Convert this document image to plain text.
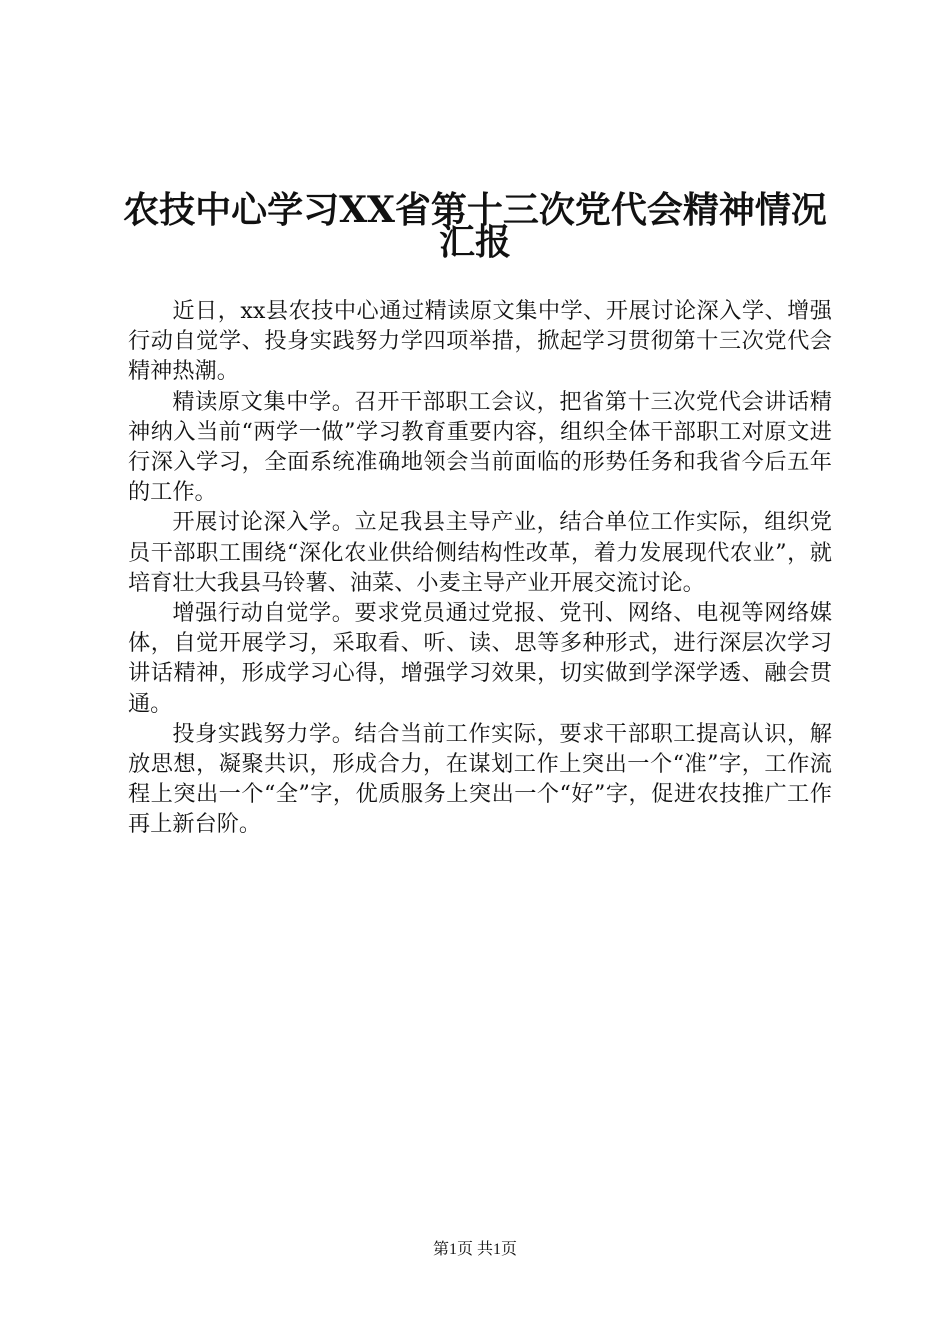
农技中心学习XX省第十三次党代会精神情况
汇报

近日，xx县农技中心通过精读原文集中学、开展讨论深入学、增强行动自觉学、投身实践努力学四项举措，掀起学习贯彻第十三次党代会精神热潮。

精读原文集中学。召开干部职工会议，把省第十三次党代会讲话精神纳入当前“两学一做”学习教育重要内容，组织全体干部职工对原文进行深入学习，全面系统准确地领会当前面临的形势任务和我省今后五年的工作。

开展讨论深入学。立足我县主导产业，结合单位工作实际，组织党员干部职工围绕“深化农业供给侧结构性改革，着力发展现代农业”，就培育壮大我县马铃薯、油菜、小麦主导产业开展交流讨论。

增强行动自觉学。要求党员通过党报、党刊、网络、电视等网络媒体，自觉开展学习，采取看、听、读、思等多种形式，进行深层次学习讲话精神，形成学习心得，增强学习效果，切实做到学深学透、融会贯通。

投身实践努力学。结合当前工作实际，要求干部职工提高认识，解放思想，凝聚共识，形成合力，在谋划工作上突出一个“准”字，工作流程上突出一个“全”字，优质服务上突出一个“好”字，促进农技推广工作再上新台阶。

第1页 共1页
